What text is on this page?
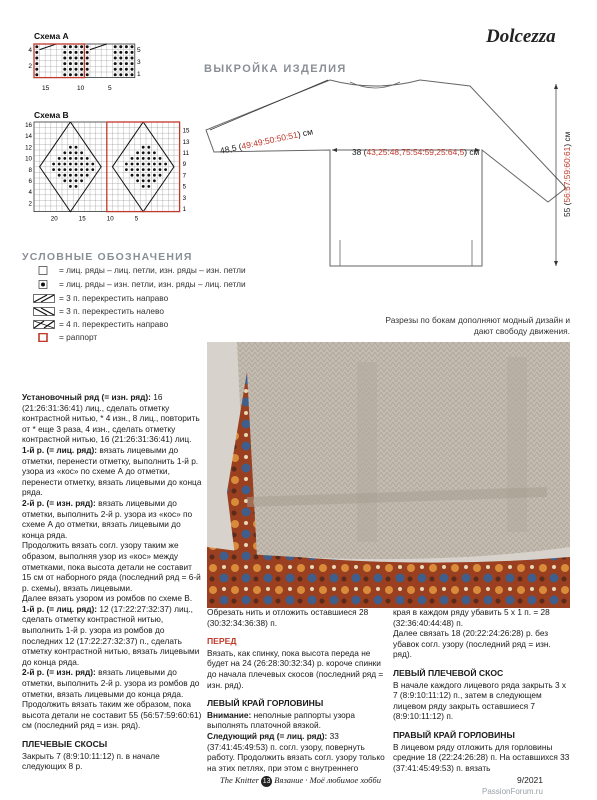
Dolcezza
ВЫКРОЙКА ИЗДЕЛИЯ
Схема А
4
2
5
3
1
15	10	5
Схема В
16
14
12
10
8
6
4
2
15
13
11
9
7
5
3
1
20	15	10	5
48,5 (49:49:50:50:51) см
38 (43,25:48,75:54:59,25:64,5) см
55 (56:57:59:60:61) см
УСЛОВНЫЕ ОБОЗНАЧЕНИЯ
= лиц. ряды – лиц. петли, изн. ряды – изн. петли
= лиц. ряды – изн. петли, изн. ряды – лиц. петли
= 3 п. перекрестить направо
= 3 п. перекрестить налево
= 4 п. перекрестить направо
= раппорт
Разрезы по бокам дополняют модный дизайн и дают свободу движения.

Установочный ряд (= изн. ряд): 16 (21:26:31:36:41) лиц., сделать отметку контрастной нитью, * 4 изн., 8 лиц., повторить от * еще 3 раза, 4 изн., сделать отметку контрастной нитью, 16 (21:26:31:36:41) лиц.

1-й р. (= лиц. ряд): вязать лицевыми до отметки, перенести отметку, выполнить 1-й р. узора из «кос» по схеме А до отметки, перенести отметку, вязать лицевыми до конца ряда.

2-й р. (= изн. ряд): вязать лицевыми до отметки, выполнить 2-й р. узора из «кос» по схеме А до отметки, вязать лицевыми до конца ряда.

Продолжить вязать согл. узору таким же образом, выполняя узор из «кос» между отметками, пока высота детали не составит 15 см от наборного ряда (последний ряд = 6-й р. схемы), вязать лицевыми.

Далее вязать узором из ромбов по схеме В.

1-й р. (= лиц. ряд): 12 (17:22:27:32:37) лиц., сделать отметку контрастной нитью, выполнить 1-й р. узора из ромбов до последних 12 (17:22:27:32:37) п., сделать отметку контрастной нитью, вязать лицевыми до конца ряда.

2-й р. (= изн. ряд): вязать лицевыми до отметки, выполнить 2-й р. узора из ромбов до отметки, вязать лицевыми до конца ряда.

Продолжить вязать таким же образом, пока высота детали не составит 55 (56:57:59:60:61) см (последний ряд = изн. ряд).

ПЛЕЧЕВЫЕ СКОСЫ

Закрыть 7 (8:9:10:11:12) п. в начале следующих 8 р.

Обрезать нить и отложить оставшиеся 28 (30:32:34:36:38) п.

ПЕРЕД

Вязать, как спинку, пока высота переда не будет на 24 (26:28:30:32:34) р. короче спинки до начала плечевых скосов (последний ряд = изн. ряд).

ЛЕВЫЙ КРАЙ ГОРЛОВИНЫ

Внимание: неполные раппорты узора выполнять платочной вязкой.

Следующий ряд (= лиц. ряд): 33 (37:41:45:49:53) п. согл. узору, повернуть работу. Продолжить вязать согл. узору только на этих петлях, при этом с внутреннего

края в каждом ряду убавить 5 х 1 п. = 28 (32:36:40:44:48) п.

Далее связать 18 (20:22:24:26:28) р. без убавок согл. узору (последний ряд = изн. ряд).

ЛЕВЫЙ ПЛЕЧЕВОЙ СКОС

В начале каждого лицевого ряда закрыть 3 х 7 (8:9:10:11:12) п., затем в следующем лицевом ряду закрыть оставшиеся 7 (8:9:10:11:12) п.

ПРАВЫЙ КРАЙ ГОРЛОВИНЫ

В лицевом ряду отложить для горловины средние 18 (22:24:26:28) п. На оставшихся 33 (37:41:45:49:53) п. вязать

The Knitter 13 Вязание · Моё любимое хобби	9/2021
PassionForum.ru
